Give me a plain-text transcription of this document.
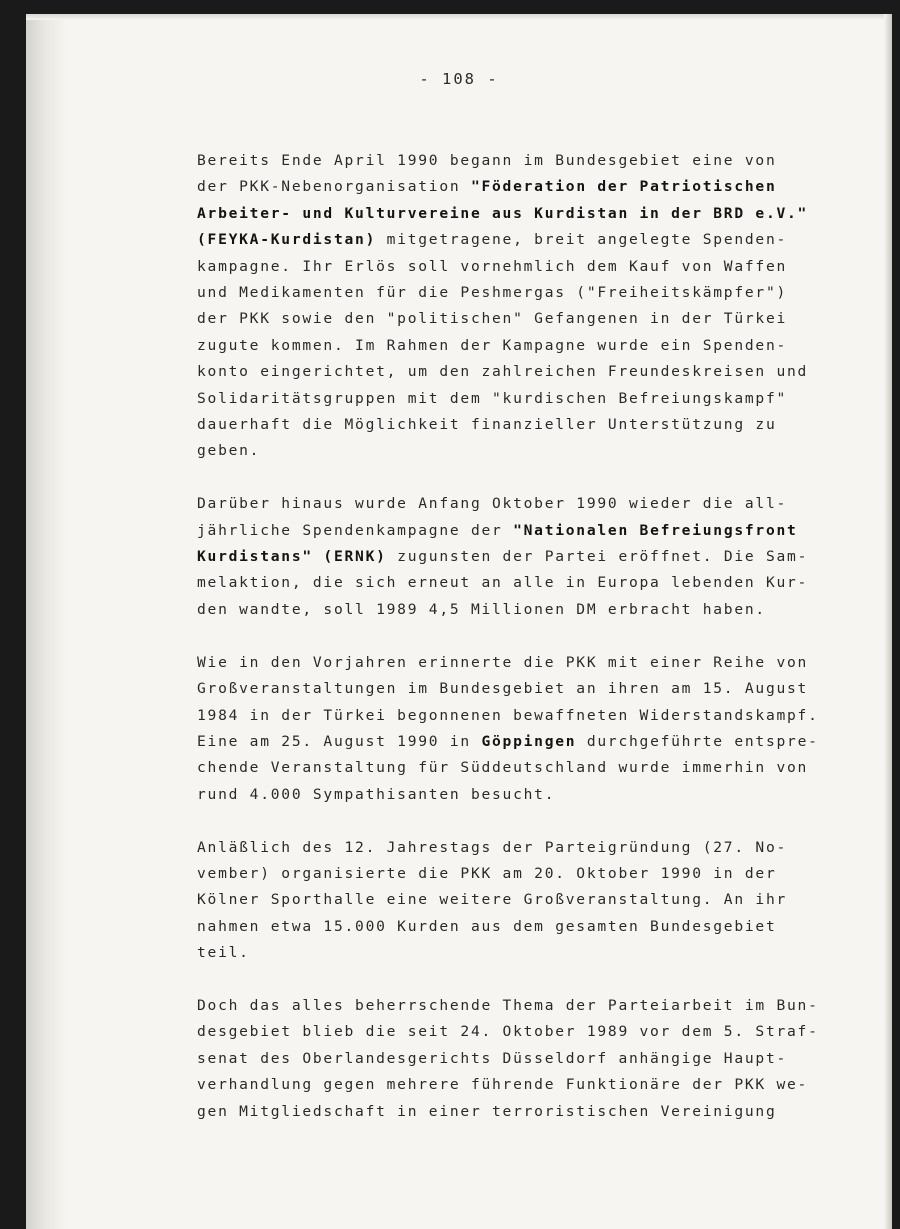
- 108 -
Bereits Ende April 1990 begann im Bundesgebiet eine von
der PKK-Nebenorganisation "Föderation der Patriotischen
Arbeiter- und Kulturvereine aus Kurdistan in der BRD e.V."
(FEYKA-Kurdistan) mitgetragene, breit angelegte Spenden-
kampagne. Ihr Erlös soll vornehmlich dem Kauf von Waffen
und Medikamenten für die Peshmergas ("Freiheitskämpfer")
der PKK sowie den "politischen" Gefangenen in der Türkei
zugute kommen. Im Rahmen der Kampagne wurde ein Spenden-
konto eingerichtet, um den zahlreichen Freundeskreisen und
Solidaritätsgruppen mit dem "kurdischen Befreiungskampf"
dauerhaft die Möglichkeit finanzieller Unterstützung zu
geben.
Darüber hinaus wurde Anfang Oktober 1990 wieder die all-
jährliche Spendenkampagne der "Nationalen Befreiungsfront
Kurdistans" (ERNK) zugunsten der Partei eröffnet. Die Sam-
melaktion, die sich erneut an alle in Europa lebenden Kur-
den wandte, soll 1989 4,5 Millionen DM erbracht haben.
Wie in den Vorjahren erinnerte die PKK mit einer Reihe von
Großveranstaltungen im Bundesgebiet an ihren am 15. August
1984 in der Türkei begonnenen bewaffneten Widerstandskampf.
Eine am 25. August 1990 in Göppingen durchgeführte entspre-
chende Veranstaltung für Süddeutschland wurde immerhin von
rund 4.000 Sympathisanten besucht.
Anläßlich des 12. Jahrestags der Parteigründung (27. No-
vember) organisierte die PKK am 20. Oktober 1990 in der
Kölner Sporthalle eine weitere Großveranstaltung. An ihr
nahmen etwa 15.000 Kurden aus dem gesamten Bundesgebiet
teil.
Doch das alles beherrschende Thema der Parteiarbeit im Bun-
desgebiet blieb die seit 24. Oktober 1989 vor dem 5. Straf-
senat des Oberlandesgerichts Düsseldorf anhängige Haupt-
verhandlung gegen mehrere führende Funktionäre der PKK we-
gen Mitgliedschaft in einer terroristischen Vereinigung
